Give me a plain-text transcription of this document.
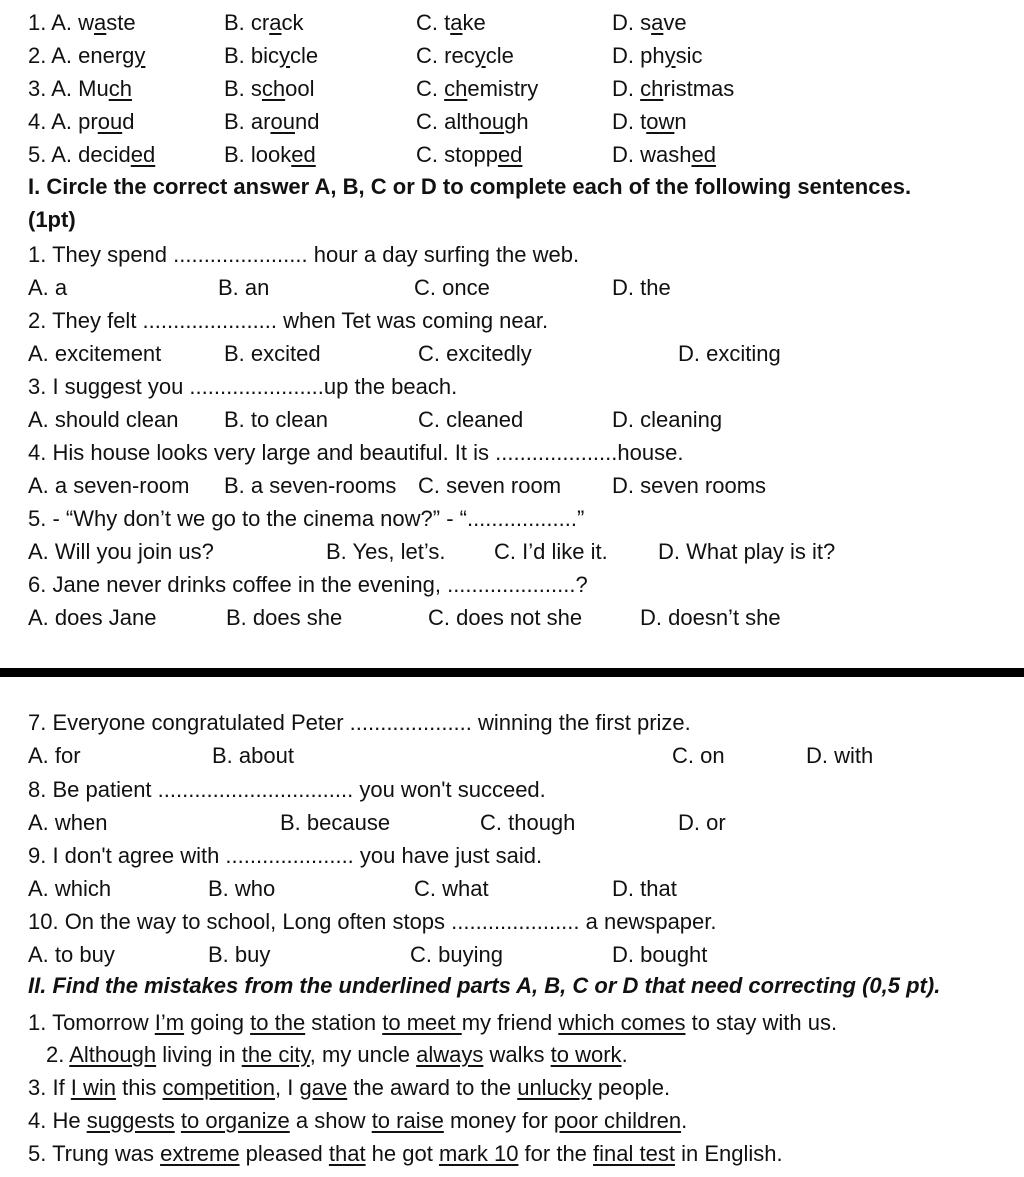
1. A. waste	B. crack	C. take	D. save
2. A. energy	B. bicycle	C. recycle	D. physic
3. A. Much	B. school	C. chemistry	D. christmas
4. A. proud	B. around	C. although	D. town
5. A. decided	B. looked	C. stopped	D. washed
I. Circle the correct answer A, B, C or D to complete each of the following sentences.
(1pt)
1. They spend ...................... hour a day surfing the web.
A. a	B. an	C. once	D. the
2. They felt ...................... when Tet was coming near.
A. excitement	B. excited	C. excitedly	D. exciting
3. I suggest you ......................up the beach.
A. should clean B. to clean	C. cleaned	D. cleaning
4. His house looks very large and beautiful. It is ....................house.
A. a seven-room B. a seven-rooms C. seven room D. seven rooms
5. - “Why don’t we go to the cinema now?” - “..................”
A. Will you join us?	B. Yes, let’s. C. I’d like it. D. What play is it?
6. Jane never drinks coffee in the evening, .....................?
A. does Jane	B. does she	C. does not she	D. doesn’t she
7. Everyone congratulated Peter .................... winning the first prize.
A. for	B. about	C. on	D. with
8. Be patient ................................ you won't succeed.
A. when	B. because	C. though	D. or
9. I don't agree with ..................... you have just said.
A. which	B. who	C. what	D. that
10. On the way to school, Long often stops ..................... a newspaper.
A. to buy	B. buy	C. buying	D. bought
II. Find the mistakes from the underlined parts A, B, C or D that need correcting (0,5 pt).
1. Tomorrow I’m going to the station to meet my friend which comes to stay with us.
2. Although living in the city, my uncle always walks to work.
3. If I win this competition, I gave the award to the unlucky people.
4. He suggests to organize a show to raise money for poor children.
5. Trung was extreme pleased that he got mark 10 for the final test in English.
